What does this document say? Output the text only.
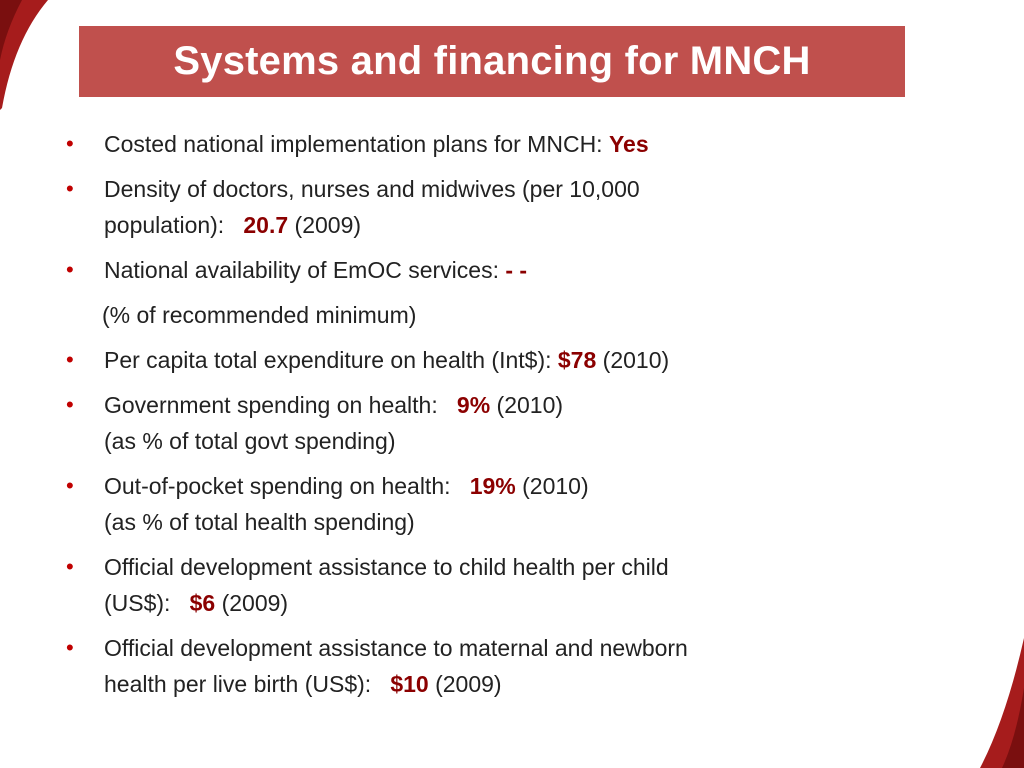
Systems and financing for MNCH
•	Costed national implementation plans for MNCH: Yes
•	Density of doctors, nurses and midwives (per 10,000
population):   20.7 (2009)
•	National availability of EmOC services: - -
(% of recommended minimum)
•	Per capita total expenditure on health (Int$): $78 (2010)
•	Government spending on health:   9% (2010)
(as % of total govt spending)
•	Out-of-pocket spending on health:   19% (2010)
(as % of total health spending)
•	Official development assistance to child health per child
(US$):   $6 (2009)
•	Official development assistance to maternal and newborn
health per live birth (US$):   $10 (2009)
